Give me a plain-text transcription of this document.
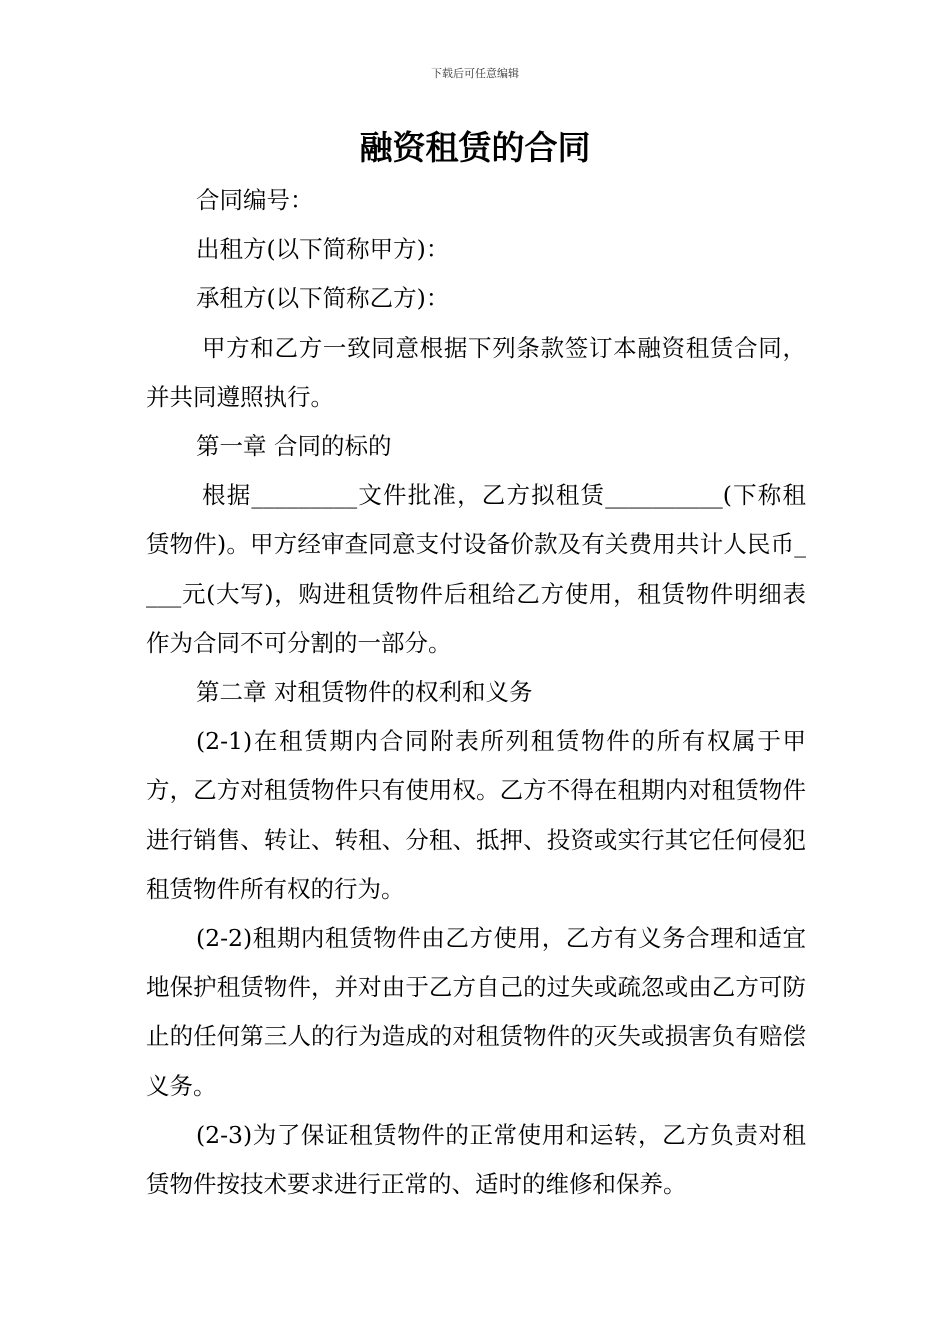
下载后可任意编辑
融资租赁的合同

合同编号：

出租方(以下简称甲方)：

承租方(以下简称乙方)：

甲方和乙方一致同意根据下列条款签订本融资租赁合同，并共同遵照执行。

第一章 合同的标的

根据_________文件批准，乙方拟租赁__________(下称租赁物件)。甲方经审查同意支付设备价款及有关费用共计人民币____元(大写)，购进租赁物件后租给乙方使用，租赁物件明细表作为合同不可分割的一部分。

第二章 对租赁物件的权利和义务

(2-1)在租赁期内合同附表所列租赁物件的所有权属于甲方，乙方对租赁物件只有使用权。乙方不得在租期内对租赁物件进行销售、转让、转租、分租、抵押、投资或实行其它任何侵犯租赁物件所有权的行为。

(2-2)租期内租赁物件由乙方使用，乙方有义务合理和适宜地保护租赁物件，并对由于乙方自己的过失或疏忽或由乙方可防止的任何第三人的行为造成的对租赁物件的灭失或损害负有赔偿义务。

(2-3)为了保证租赁物件的正常使用和运转，乙方负责对租赁物件按技术要求进行正常的、适时的维修和保养。
